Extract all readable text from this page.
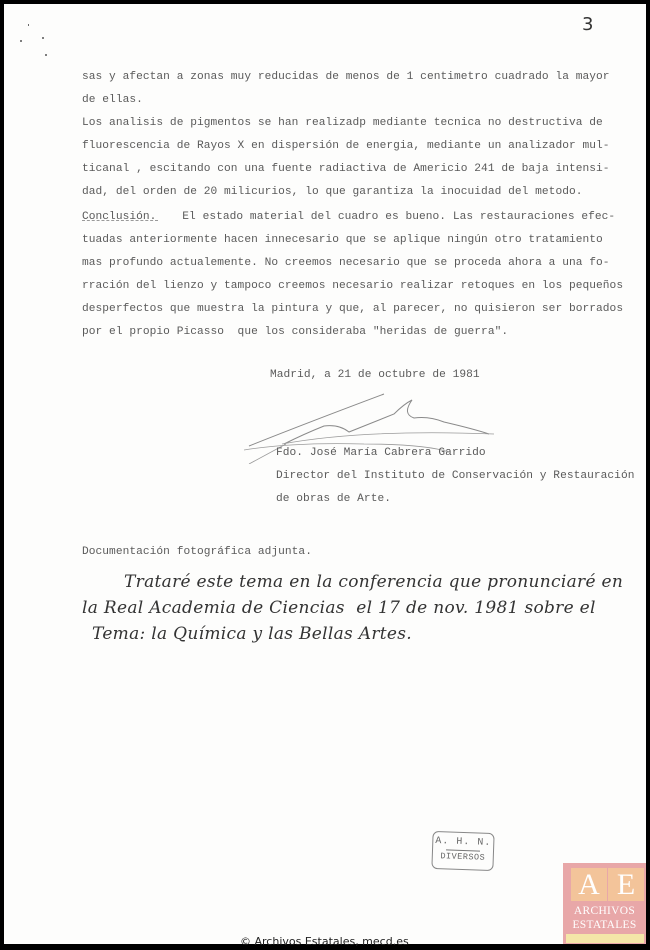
3
sas y afectan a zonas muy reducidas de menos de 1 centimetro cuadrado la mayor
de ellas.
Los analisis de pigmentos se han realizadp mediante tecnica no destructiva de
fluorescencia de Rayos X en dispersión de energia, mediante un analizador mul-
ticanal , escitando con una fuente radiactiva de Americio 241 de baja intensi-
dad, del orden de 20 milicurios, lo que garantiza la inocuidad del metodo.
Conclusión. El estado material del cuadro es bueno. Las restauraciones efec-
tuadas anteriormente hacen innecesario que se aplique ningún otro tratamiento
mas profundo actualemente. No creemos necesario que se proceda ahora a una fo-
rración del lienzo y tampoco creemos necesario realizar retoques en los pequeños
desperfectos que muestra la pintura y que, al parecer, no quisieron ser borrados
por el propio Picasso  que los consideraba "heridas de guerra".
Madrid, a 21 de octubre de 1981
Fdo. José María Cabrera Garrido
Director del Instituto de Conservación y Restauración
de obras de Arte.
Documentación fotográfica adjunta.
Trataré este tema en la conferencia que pronunciaré en
la Real Academia de Ciencias  el 17 de nov. 1981 sobre el
Tema: la Química y las Bellas Artes.
A. H. N.
DIVERSOS
A E
ARCHIVOS
ESTATALES
© Archivos Estatales, mecd.es
